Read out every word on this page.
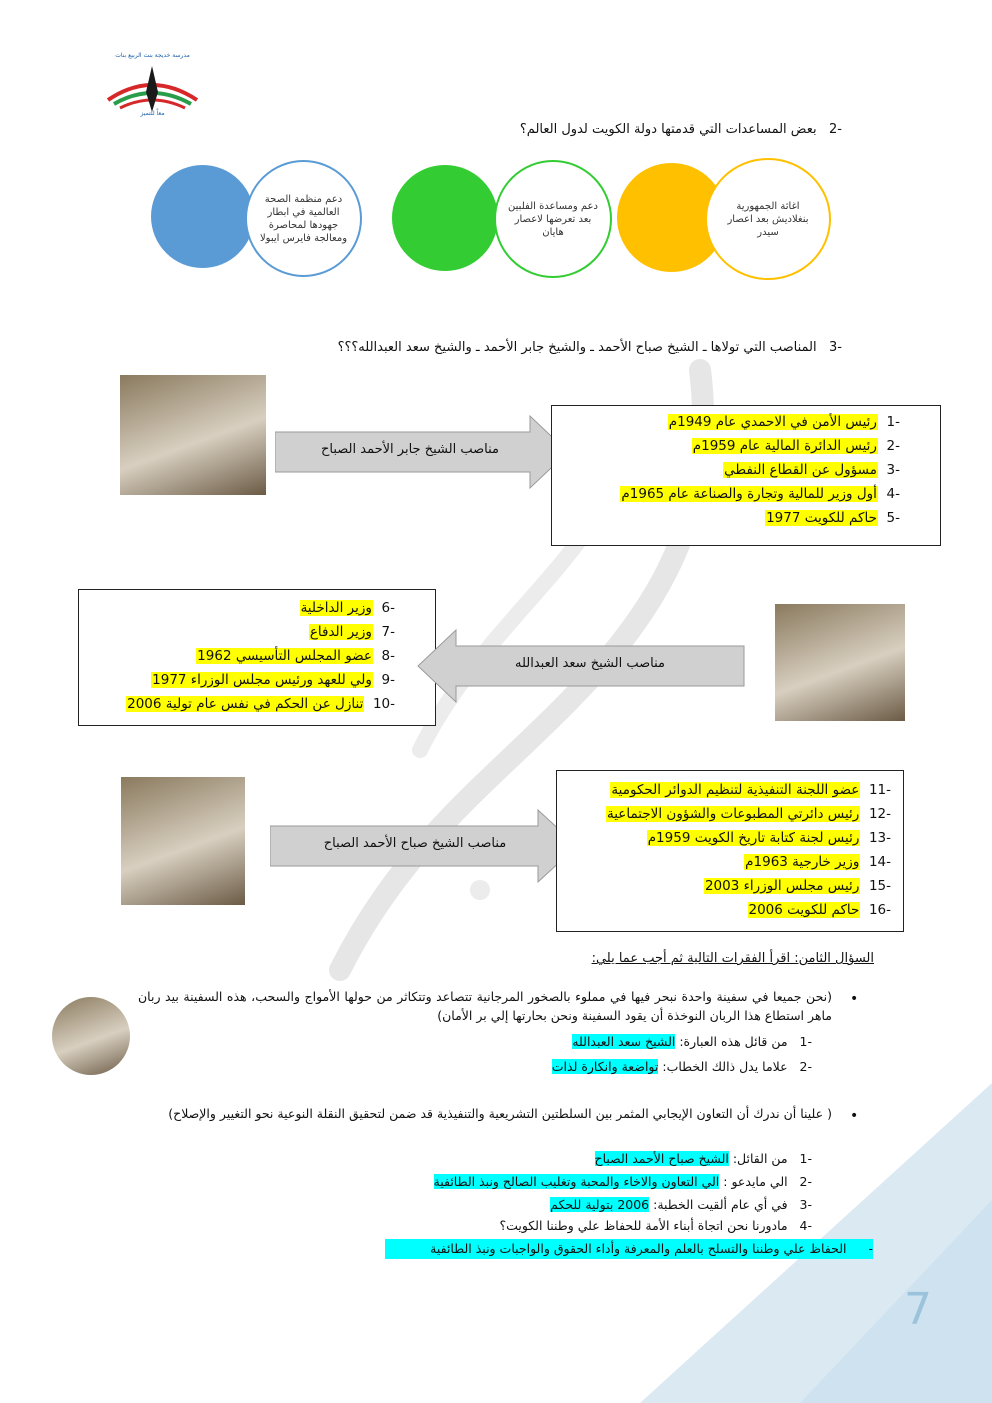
7
مدرسة خديجة بنت الربيع بنات
معاً للتميز
-2   بعض المساعدات التي قدمتها دولة الكويت لدول العالم؟
دعم منظمة الصحة العالمية في ابطار جهودها لمحاصرة ومعالجة فايرس ايبولا
دعم ومساعدة الفلبين بعد تعرضها لاعصار هايان
اغاثة الجمهورية بنغلاديش بعد اعصار سيدر
-3   المناصب التي تولاها ـ الشيخ صباح الأحمد ـ والشيخ جابر الأحمد ـ والشيخ سعد العبدالله؟؟؟
مناصب الشيخ جابر الأحمد الصباح
-1  رئيس الأمن في الاحمدي عام 1949م
-2  رئيس الدائرة المالية عام 1959م
-3  مسؤول عن القطاع النفطي
-4  أول وزير للمالية وتجارة والصناعة عام 1965م
-5  حاكم للكويت 1977
-6  وزير الداخلية
-7  وزير الدفاع
-8  عضو المجلس التأسيسي 1962
-9  ولي للعهد ورئيس مجلس الوزراء 1977
-10  تنازل عن الحكم في نفس عام تولية 2006
مناصب الشيخ سعد العبدالله
مناصب الشيخ صباح الأحمد الصباح
-11  عضو اللجنة التنفيذية لتنظيم الدوائر الحكومية
-12  رئيس دائرتي المطبوعات والشؤون الاجتماعية
-13  رئيس لجنة كتابة تاريخ الكويت 1959م
-14  وزير خارجية 1963م
-15  رئيس مجلس الوزراء 2003
-16  حاكم للكويت 2006
السؤال الثامن: اقرأ الفقرات التالية ثم أجب عما يلي:
•
(نحن جميعا في سفينة واحدة نبحر فيها في مملوء بالصخور المرجانية تتصاعد وتتكاثر من حولها الأمواج والسحب، هذه السفينة بيد ربان ماهر استطاع هذا الربان النوخذة أن يقود السفينة ونحن بحارتها إلي بر الأمان)
-1   من قائل هذه العبارة: الشيخ سعد العبدالله
-2   علاما يدل ذالك الخطاب: تواضعة وانكارة لذات
•
( علينا أن ندرك أن التعاون الإيجابي المثمر بين السلطتين التشريعية والتنفيذية قد ضمن لتحقيق النقلة النوعية نحو التغيير والإصلاح)
-1   من القائل: الشيخ صباح الأحمد الصباح
-2   الي مايدعو : الي التعاون والاخاء والمحبة وتغليب الصالح ونبذ الطائفية
-3   في أي عام ألقيت الخطبة: 2006 بتولية للحكم
-4   مادورنا نحن اتجاة أبناء الأمة للحفاظ علي وطننا الكويت؟
- الحفاظ علي وطننا والتسلح بالعلم والمعرفة وأداء الحقوق والواجبات ونبذ الطائفية
